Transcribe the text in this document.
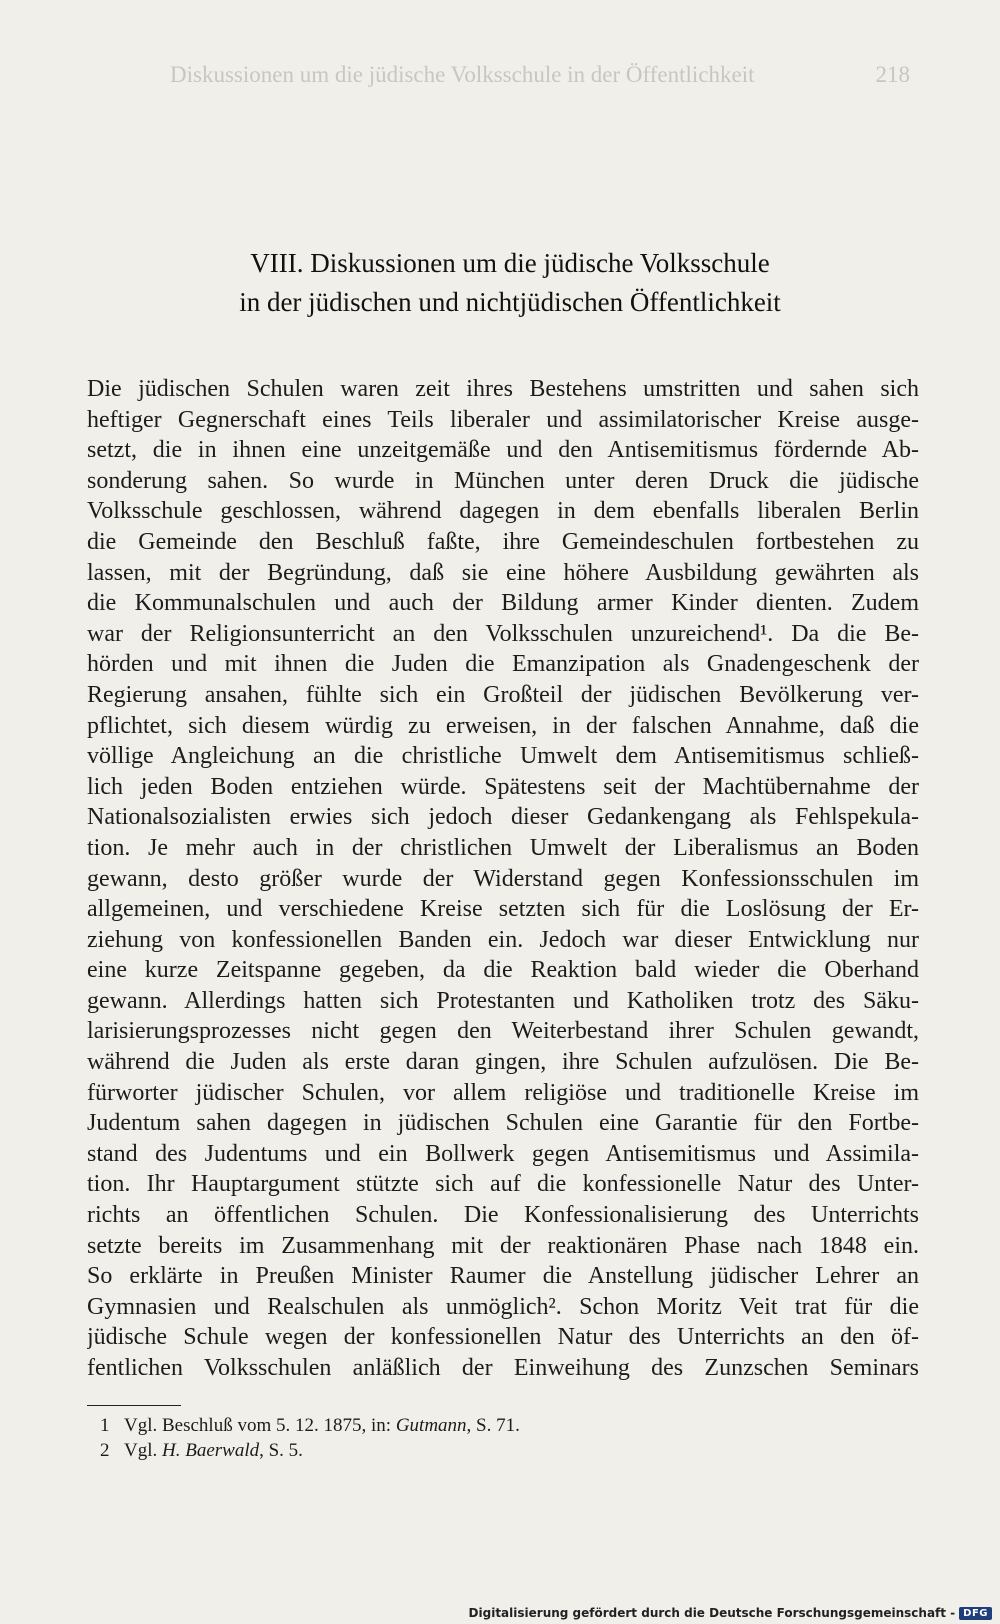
Diskussionen um die jüdische Volksschule in der Öffentlichkeit	218
VIII. Diskussionen um die jüdische Volksschule
in der jüdischen und nichtjüdischen Öffentlichkeit
Die jüdischen Schulen waren zeit ihres Bestehens umstritten und sahen sich
heftiger Gegnerschaft eines Teils liberaler und assimilatorischer Kreise ausge-
setzt, die in ihnen eine unzeitgemäße und den Antisemitismus fördernde Ab-
sonderung sahen. So wurde in München unter deren Druck die jüdische
Volksschule geschlossen, während dagegen in dem ebenfalls liberalen Berlin
die Gemeinde den Beschluß faßte, ihre Gemeindeschulen fortbestehen zu
lassen, mit der Begründung, daß sie eine höhere Ausbildung gewährten als
die Kommunalschulen und auch der Bildung armer Kinder dienten. Zudem
war der Religionsunterricht an den Volksschulen unzureichend¹. Da die Be-
hörden und mit ihnen die Juden die Emanzipation als Gnadengeschenk der
Regierung ansahen, fühlte sich ein Großteil der jüdischen Bevölkerung ver-
pflichtet, sich diesem würdig zu erweisen, in der falschen Annahme, daß die
völlige Angleichung an die christliche Umwelt dem Antisemitismus schließ-
lich jeden Boden entziehen würde. Spätestens seit der Machtübernahme der
Nationalsozialisten erwies sich jedoch dieser Gedankengang als Fehlspekula-
tion. Je mehr auch in der christlichen Umwelt der Liberalismus an Boden
gewann, desto größer wurde der Widerstand gegen Konfessionsschulen im
allgemeinen, und verschiedene Kreise setzten sich für die Loslösung der Er-
ziehung von konfessionellen Banden ein. Jedoch war dieser Entwicklung nur
eine kurze Zeitspanne gegeben, da die Reaktion bald wieder die Oberhand
gewann. Allerdings hatten sich Protestanten und Katholiken trotz des Säku-
larisierungsprozesses nicht gegen den Weiterbestand ihrer Schulen gewandt,
während die Juden als erste daran gingen, ihre Schulen aufzulösen. Die Be-
fürworter jüdischer Schulen, vor allem religiöse und traditionelle Kreise im
Judentum sahen dagegen in jüdischen Schulen eine Garantie für den Fortbe-
stand des Judentums und ein Bollwerk gegen Antisemitismus und Assimila-
tion. Ihr Hauptargument stützte sich auf die konfessionelle Natur des Unter-
richts an öffentlichen Schulen. Die Konfessionalisierung des Unterrichts
setzte bereits im Zusammenhang mit der reaktionären Phase nach 1848 ein.
So erklärte in Preußen Minister Raumer die Anstellung jüdischer Lehrer an
Gymnasien und Realschulen als unmöglich². Schon Moritz Veit trat für die
jüdische Schule wegen der konfessionellen Natur des Unterrichts an den öf-
fentlichen Volksschulen anläßlich der Einweihung des Zunzschen Seminars
1 Vgl. Beschluß vom 5. 12. 1875, in: Gutmann, S. 71.
2 Vgl. H. Baerwald, S. 5.
Digitalisierung gefördert durch die Deutsche Forschungsgemeinschaft - DFG
